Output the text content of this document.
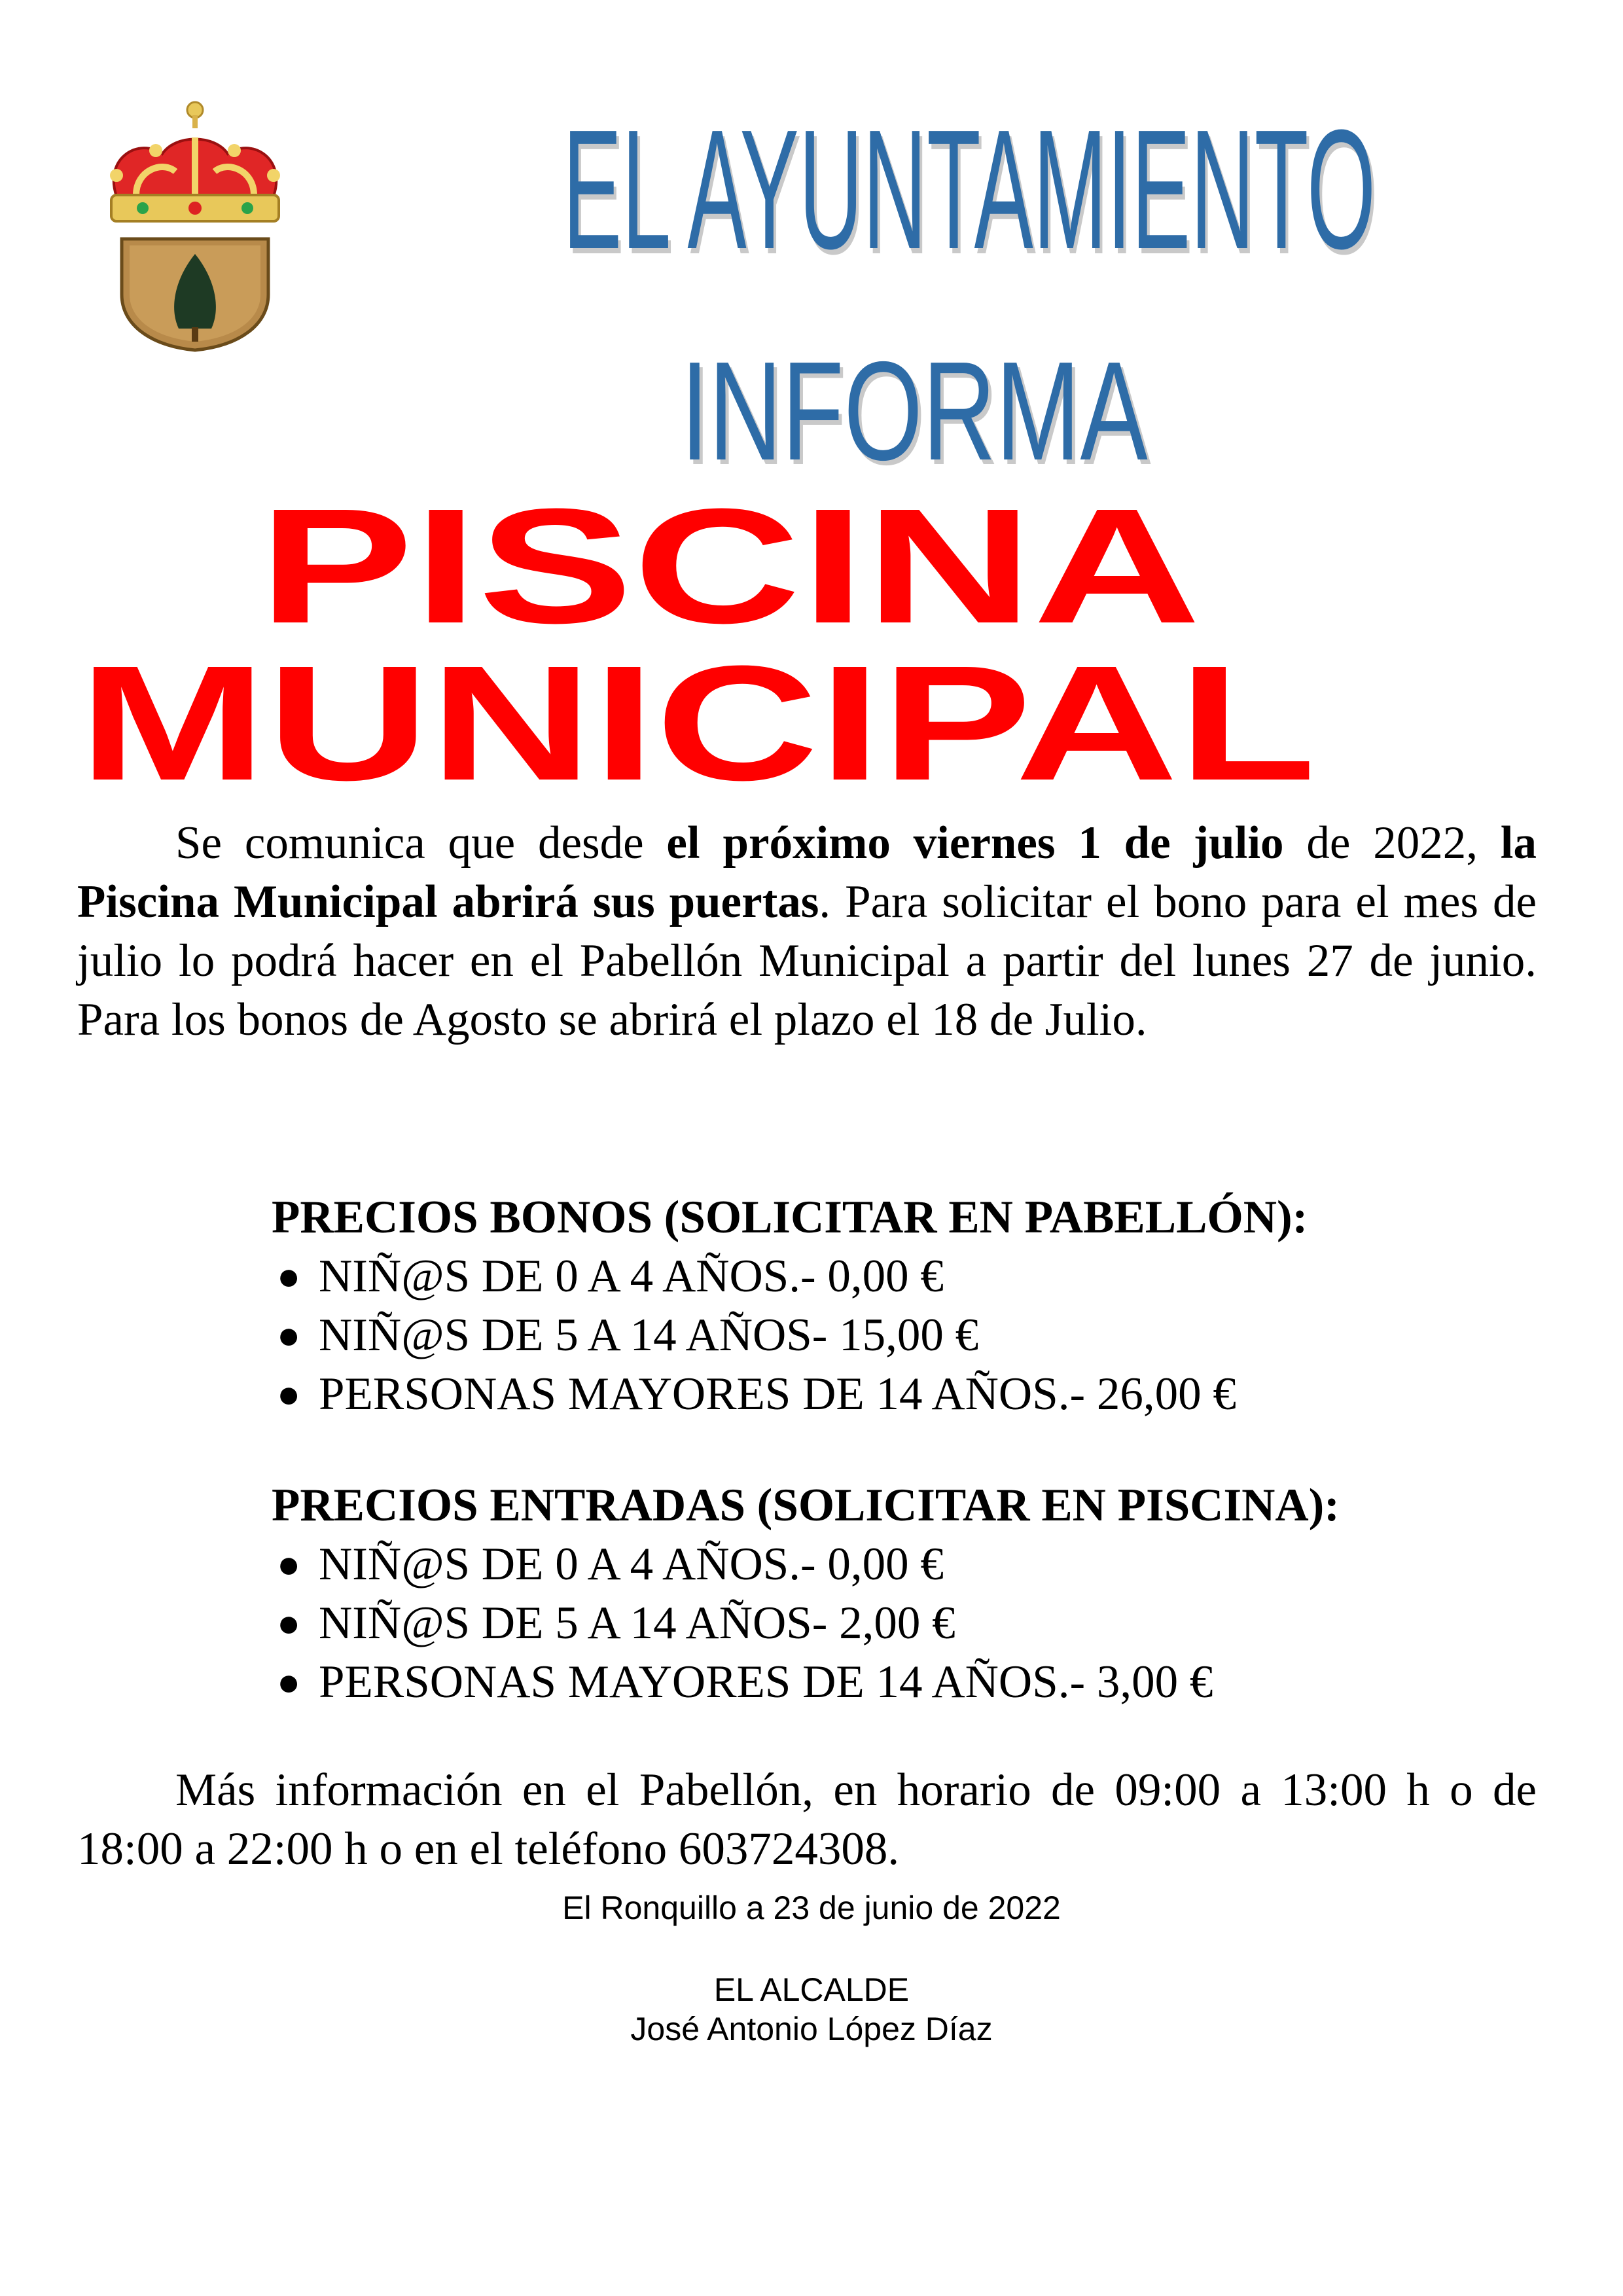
EL AYUNTAMIENTO
INFORMA
PISCINA
MUNICIPAL

Se comunica que desde el próximo viernes 1 de julio de 2022, la Piscina Municipal abrirá sus puertas. Para solicitar el bono para el mes de julio lo podrá hacer en el Pabellón Municipal a partir del lunes 27 de junio. Para los bonos de Agosto se abrirá el plazo el 18 de Julio.

PRECIOS BONOS (SOLICITAR EN PABELLÓN):
● NIÑ@S DE 0 A 4 AÑOS.- 0,00 €
● NIÑ@S DE 5 A 14 AÑOS- 15,00 €
● PERSONAS MAYORES DE 14 AÑOS.- 26,00 €
PRECIOS ENTRADAS (SOLICITAR EN PISCINA):
● NIÑ@S DE 0 A 4 AÑOS.- 0,00 €
● NIÑ@S DE 5 A 14 AÑOS- 2,00 €
● PERSONAS MAYORES DE 14 AÑOS.- 3,00 €

Más información en el Pabellón, en horario de 09:00 a 13:00 h o de 18:00 a 22:00 h o en el teléfono 603724308.

El Ronquillo a 23 de junio de 2022

EL ALCALDE

José Antonio López Díaz
